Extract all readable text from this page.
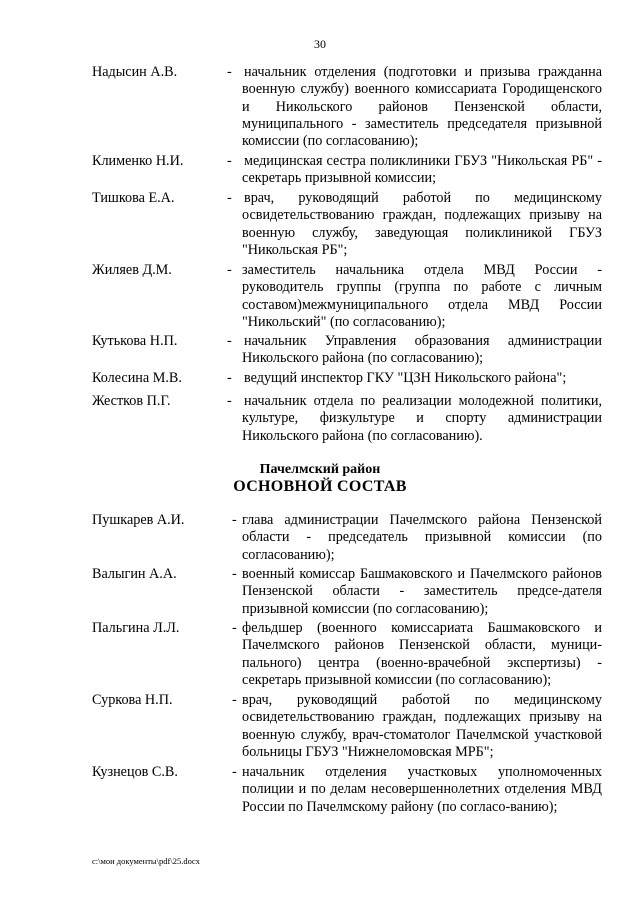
30
Надысин А.В.	- начальник отделения (подготовки и призыва гражданна военную службу) военного комиссариата Городищенского и Никольского районов Пензенской области, муниципального - заместитель председателя призывной комиссии (по согласованию);

Клименко Н.И.	- медицинская сестра поликлиники ГБУЗ "Никольская РБ" - секретарь призывной комиссии;

Тишкова Е.А.	- врач, руководящий работой по медицинскому освидетельствованию граждан, подлежащих призыву на военную службу, заведующая поликлиникой ГБУЗ "Никольская РБ";

Жиляев Д.М.	- заместитель начальника отдела МВД России - руководитель группы (группа по работе с личным составом)межмуниципального отдела МВД России "Никольский" (по согласованию);

Кутькова Н.П.	- начальник Управления образования администрации Никольского района (по согласованию);

Колесина М.В.	- ведущий инспектор ГКУ "ЦЗН Никольского района";

Жестков П.Г.	- начальник отдела по реализации молодежной политики, культуре, физкультуре и спорту администрации Никольского района (по согласованию).

Пачелмский район
ОСНОВНОЙ СОСТАВ
Пушкарев А.И.	- глава администрации Пачелмского района Пензенской области - председатель призывной комиссии (по согласованию);

Валыгин А.А.	- военный комиссар Башмаковского и Пачелмского районов Пензенской области - заместитель предсе-дателя призывной комиссии (по согласованию);

Пальгина Л.Л.	- фельдшер (военного комиссариата Башмаковского и Пачелмского районов Пензенской области, муници-пального) центра (военно-врачебной экспертизы) - секретарь призывной комиссии (по согласованию);

Суркова Н.П.	- врач, руководящий работой по медицинскому освидетельствованию граждан, подлежащих призыву на военную службу, врач-стоматолог Пачелмской участковой больницы ГБУЗ "Нижнеломовская МРБ";

Кузнецов С.В.	- начальник отделения участковых уполномоченных полиции и по делам несовершеннолетних отделения МВД России по Пачелмскому району (по согласо-ванию);

c:\мои документы\pdf\25.docx
